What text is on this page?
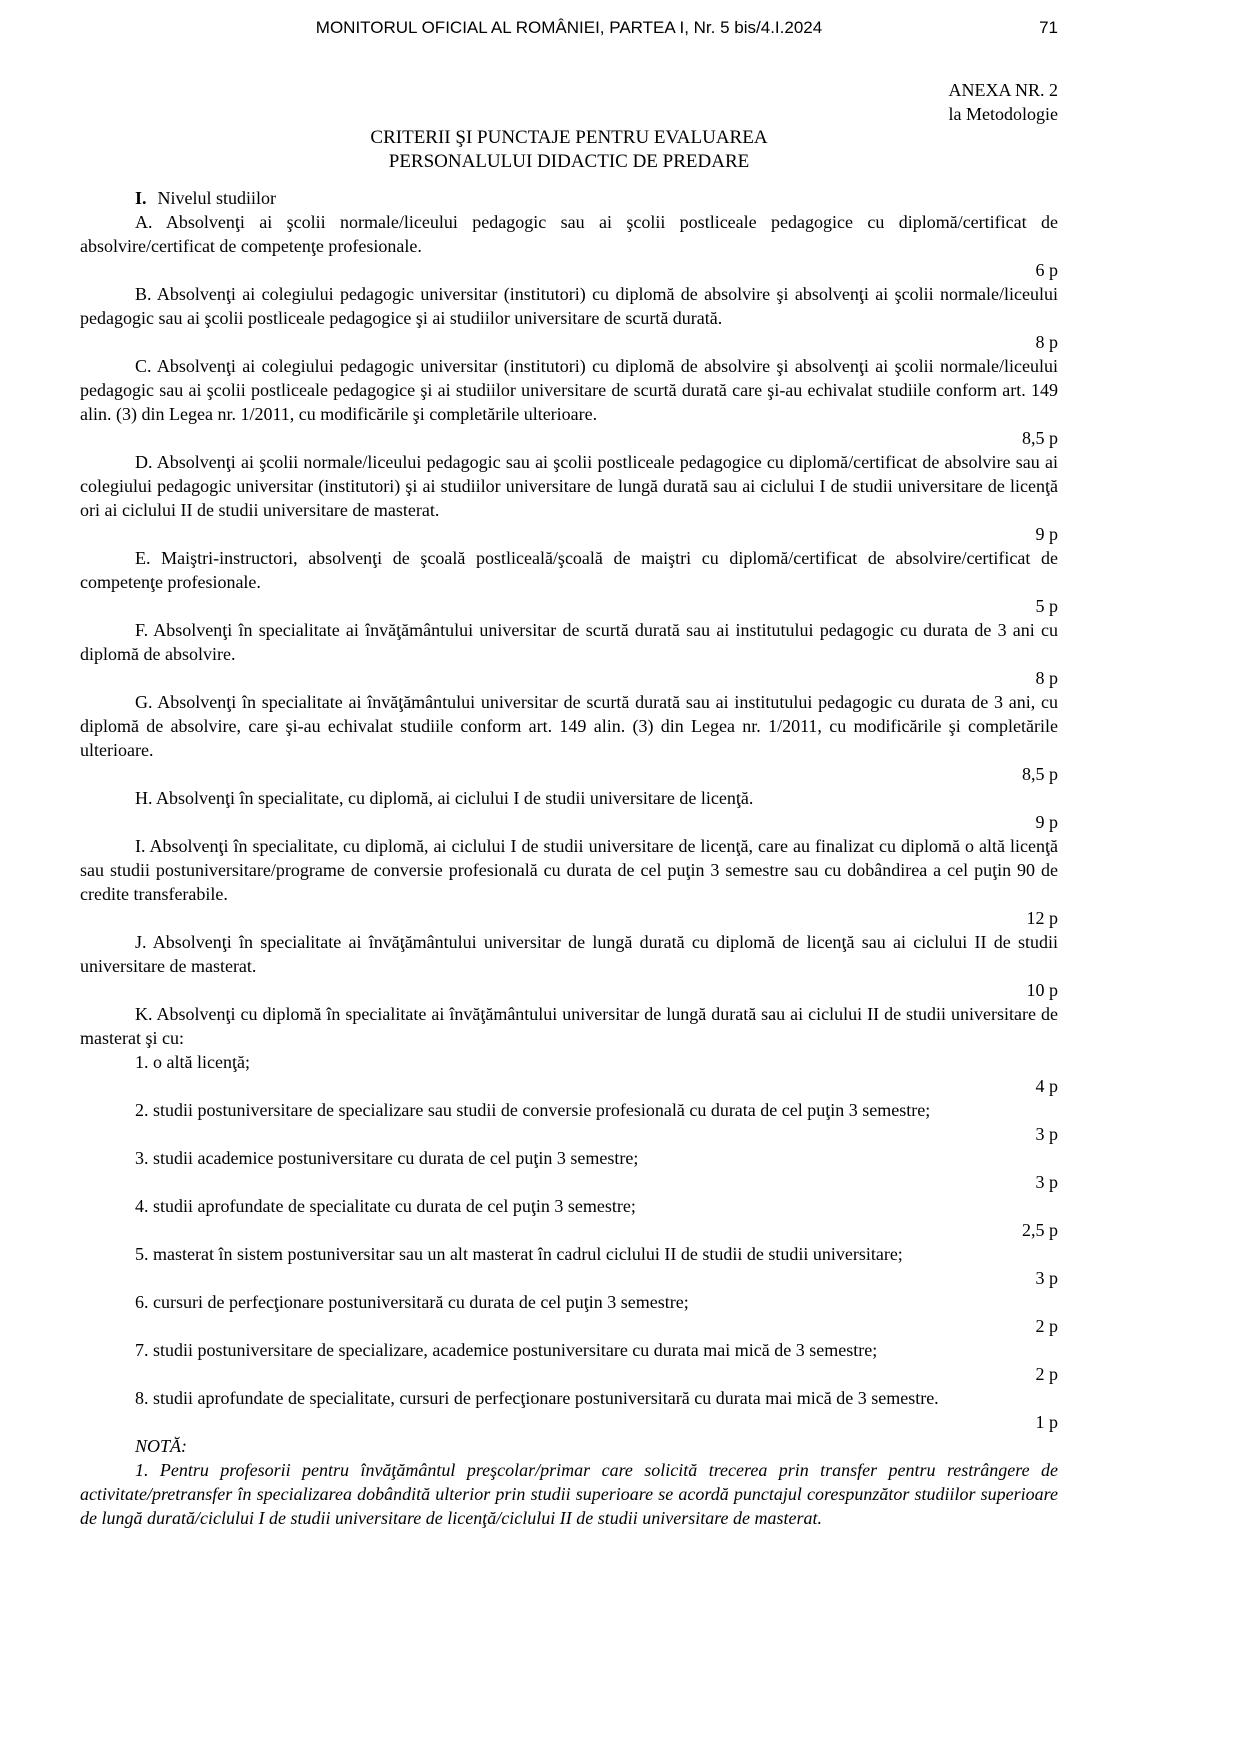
MONITORUL OFICIAL AL ROMÂNIEI, PARTEA I, Nr. 5 bis/4.I.2024	71
ANEXA NR. 2
la Metodologie
CRITERII ŞI PUNCTAJE PENTRU EVALUAREA
PERSONALULUI DIDACTIC DE PREDARE

I. Nivelul studiilor

A. Absolvenţi ai şcolii normale/liceului pedagogic sau ai şcolii postliceale pedagogice cu diplomă/certificat de absolvire/certificat de competenţe profesionale.

6 p

B. Absolvenţi ai colegiului pedagogic universitar (institutori) cu diplomă de absolvire şi absolvenţi ai şcolii normale/liceului pedagogic sau ai şcolii postliceale pedagogice şi ai studiilor universitare de scurtă durată.

8 p

C. Absolvenţi ai colegiului pedagogic universitar (institutori) cu diplomă de absolvire şi absolvenţi ai şcolii normale/liceului pedagogic sau ai şcolii postliceale pedagogice şi ai studiilor universitare de scurtă durată care şi-au echivalat studiile conform art. 149 alin. (3) din Legea nr. 1/2011, cu modificările şi completările ulterioare.

8,5 p

D. Absolvenţi ai şcolii normale/liceului pedagogic sau ai şcolii postliceale pedagogice cu diplomă/certificat de absolvire sau ai colegiului pedagogic universitar (institutori) şi ai studiilor universitare de lungă durată sau ai ciclului I de studii universitare de licenţă ori ai ciclului II de studii universitare de masterat.

9 p

E. Maiştri-instructori, absolvenţi de şcoală postliceală/şcoală de maiştri cu diplomă/certificat de absolvire/certificat de competenţe profesionale.

5 p

F. Absolvenţi în specialitate ai învăţământului universitar de scurtă durată sau ai institutului pedagogic cu durata de 3 ani cu diplomă de absolvire.

8 p

G. Absolvenţi în specialitate ai învăţământului universitar de scurtă durată sau ai institutului pedagogic cu durata de 3 ani, cu diplomă de absolvire, care şi-au echivalat studiile conform art. 149 alin. (3) din Legea nr. 1/2011, cu modificările şi completările ulterioare.

8,5 p

H. Absolvenţi în specialitate, cu diplomă, ai ciclului I de studii universitare de licenţă.

9 p

I. Absolvenţi în specialitate, cu diplomă, ai ciclului I de studii universitare de licenţă, care au finalizat cu diplomă o altă licenţă sau studii postuniversitare/programe de conversie profesională cu durata de cel puţin 3 semestre sau cu dobândirea a cel puţin 90 de credite transferabile.

12 p

J. Absolvenţi în specialitate ai învăţământului universitar de lungă durată cu diplomă de licenţă sau ai ciclului II de studii universitare de masterat.

10 p

K. Absolvenţi cu diplomă în specialitate ai învăţământului universitar de lungă durată sau ai ciclului II de studii universitare de masterat şi cu:

1. o altă licenţă;

4 p

2. studii postuniversitare de specializare sau studii de conversie profesională cu durata de cel puţin 3 semestre;

3 p

3. studii academice postuniversitare cu durata de cel puţin 3 semestre;

3 p

4. studii aprofundate de specialitate cu durata de cel puţin 3 semestre;

2,5 p

5. masterat în sistem postuniversitar sau un alt masterat în cadrul ciclului II de studii de studii universitare;

3 p

6. cursuri de perfecţionare postuniversitară cu durata de cel puţin 3 semestre;

2 p

7. studii postuniversitare de specializare, academice postuniversitare cu durata mai mică de 3 semestre;

2 p

8. studii aprofundate de specialitate, cursuri de perfecţionare postuniversitară cu durata mai mică de 3 semestre.

1 p

NOTĂ:

1. Pentru profesorii pentru învăţământul preşcolar/primar care solicită trecerea prin transfer pentru restrângere de activitate/pretransfer în specializarea dobândită ulterior prin studii superioare se acordă punctajul corespunzător studiilor superioare de lungă durată/ciclului I de studii universitare de licenţă/ciclului II de studii universitare de masterat.
